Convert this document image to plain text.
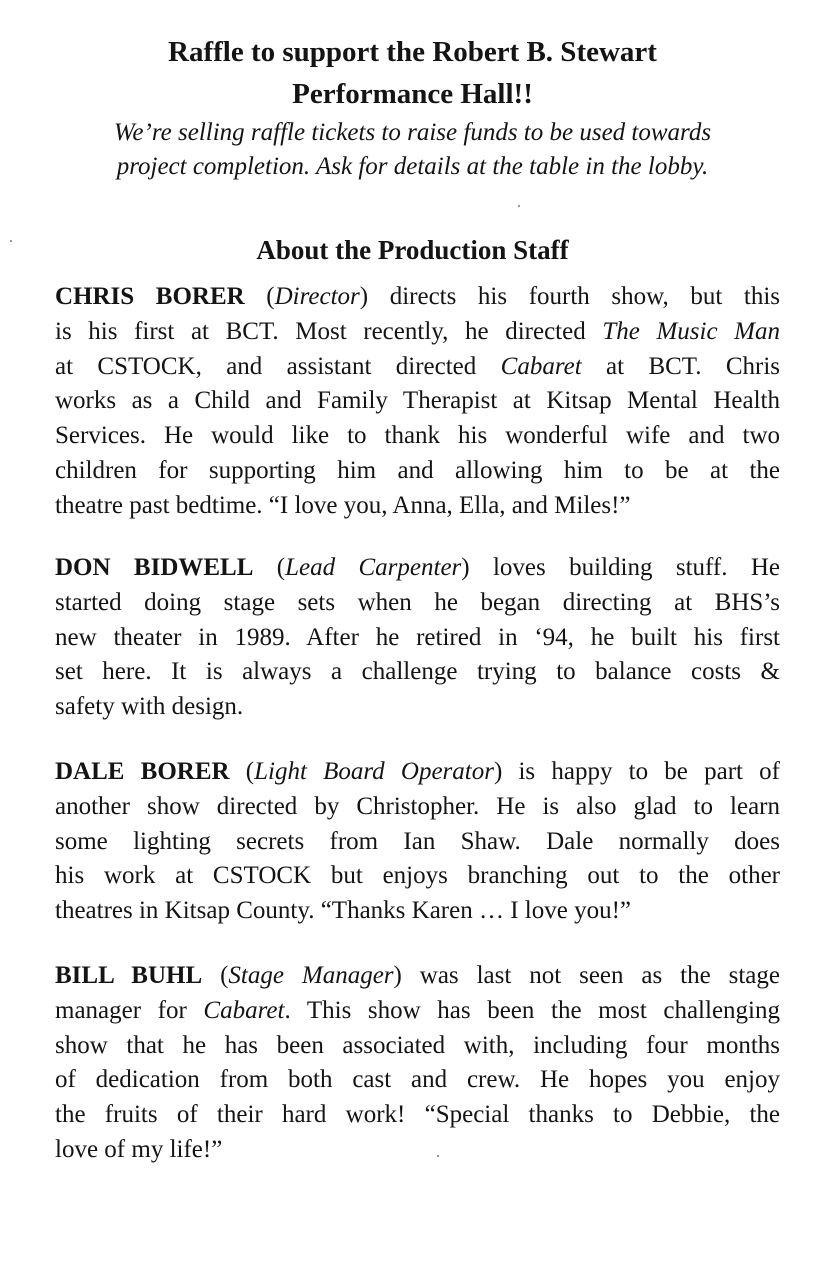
Raffle to support the Robert B. Stewart
Performance Hall!!

We’re selling raffle tickets to raise funds to be used towards
project completion. Ask for details at the table in the lobby.

About the Production Staff

CHRIS BORER (Director) directs his fourth show, but this
is his first at BCT. Most recently, he directed The Music Man
at CSTOCK, and assistant directed Cabaret at BCT. Chris
works as a Child and Family Therapist at Kitsap Mental Health
Services. He would like to thank his wonderful wife and two
children for supporting him and allowing him to be at the
theatre past bedtime. “I love you, Anna, Ella, and Miles!”

DON BIDWELL (Lead Carpenter) loves building stuff. He
started doing stage sets when he began directing at BHS’s
new theater in 1989. After he retired in ‘94, he built his first
set here. It is always a challenge trying to balance costs &
safety with design.

DALE BORER (Light Board Operator) is happy to be part of
another show directed by Christopher. He is also glad to learn
some lighting secrets from Ian Shaw. Dale normally does
his work at CSTOCK but enjoys branching out to the other
theatres in Kitsap County. “Thanks Karen … I love you!”

BILL BUHL (Stage Manager) was last not seen as the stage
manager for Cabaret. This show has been the most challenging
show that he has been associated with, including four months
of dedication from both cast and crew. He hopes you enjoy
the fruits of their hard work! “Special thanks to Debbie, the
love of my life!”
